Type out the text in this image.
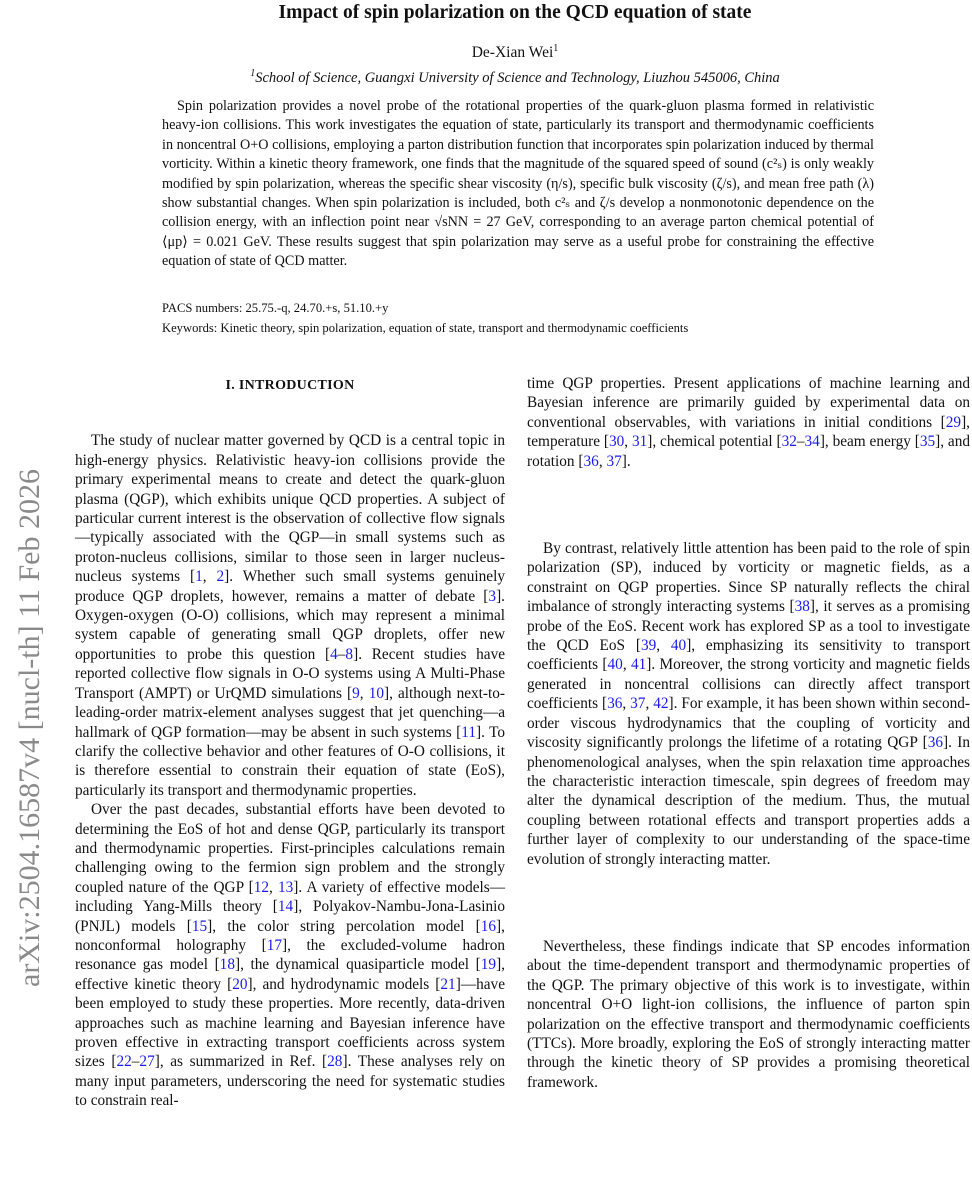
arXiv:2504.16587v4 [nucl-th] 11 Feb 2026
Impact of spin polarization on the QCD equation of state
De-Xian Wei$^1$
$^1$School of Science, Guangxi University of Science and Technology, Liuzhou 545006, China
Spin polarization provides a novel probe of the rotational properties of the quark-gluon plasma formed in relativistic heavy-ion collisions. This work investigates the equation of state, particularly its transport and thermodynamic coefficients in noncentral O+O collisions, employing a parton distribution function that incorporates spin polarization induced by thermal vorticity. Within a kinetic theory framework, one finds that the magnitude of the squared speed of sound (c²ₛ) is only weakly modified by spin polarization, whereas the specific shear viscosity (η/s), specific bulk viscosity (ζ/s), and mean free path (λ) show substantial changes. When spin polarization is included, both c²ₛ and ζ/s develop a nonmonotonic dependence on the collision energy, with an inflection point near √sNN = 27 GeV, corresponding to an average parton chemical potential of ⟨μp⟩ = 0.021 GeV. These results suggest that spin polarization may serve as a useful probe for constraining the effective equation of state of QCD matter.
PACS numbers: 25.75.-q, 24.70.+s, 51.10.+y
Keywords: Kinetic theory, spin polarization, equation of state, transport and thermodynamic coefficients
I. INTRODUCTION

The study of nuclear matter governed by QCD is a central topic in high-energy physics. Relativistic heavy-ion collisions provide the primary experimental means to create and detect the quark-gluon plasma (QGP), which exhibits unique QCD properties. A subject of particular current interest is the observation of collective flow signals—typically associated with the QGP—in small systems such as proton-nucleus collisions, similar to those seen in larger nucleus-nucleus systems [1, 2]. Whether such small systems genuinely produce QGP droplets, however, remains a matter of debate [3]. Oxygen-oxygen (O-O) collisions, which may represent a minimal system capable of generating small QGP droplets, offer new opportunities to probe this question [4–8]. Recent studies have reported collective flow signals in O-O systems using A Multi-Phase Transport (AMPT) or UrQMD simulations [9, 10], although next-to-leading-order matrix-element analyses suggest that jet quenching—a hallmark of QGP formation—may be absent in such systems [11]. To clarify the collective behavior and other features of O-O collisions, it is therefore essential to constrain their equation of state (EoS), particularly its transport and thermodynamic properties.

Over the past decades, substantial efforts have been devoted to determining the EoS of hot and dense QGP, particularly its transport and thermodynamic properties. First-principles calculations remain challenging owing to the fermion sign problem and the strongly coupled nature of the QGP [12, 13]. A variety of effective models—including Yang-Mills theory [14], Polyakov-Nambu-Jona-Lasinio (PNJL) models [15], the color string percolation model [16], nonconformal holography [17], the excluded-volume hadron resonance gas model [18], the dynamical quasiparticle model [19], effective kinetic theory [20], and hydrodynamic models [21]—have been employed to study these properties. More recently, data-driven approaches such as machine learning and Bayesian inference have proven effective in extracting transport coefficients across system sizes [22–27], as summarized in Ref. [28]. These analyses rely on many input parameters, underscoring the need for systematic studies to constrain real-

time QGP properties. Present applications of machine learning and Bayesian inference are primarily guided by experimental data on conventional observables, with variations in initial conditions [29], temperature [30, 31], chemical potential [32–34], beam energy [35], and rotation [36, 37].

By contrast, relatively little attention has been paid to the role of spin polarization (SP), induced by vorticity or magnetic fields, as a constraint on QGP properties. Since SP naturally reflects the chiral imbalance of strongly interacting systems [38], it serves as a promising probe of the EoS. Recent work has explored SP as a tool to investigate the QCD EoS [39, 40], emphasizing its sensitivity to transport coefficients [40, 41]. Moreover, the strong vorticity and magnetic fields generated in noncentral collisions can directly affect transport coefficients [36, 37, 42]. For example, it has been shown within second-order viscous hydrodynamics that the coupling of vorticity and viscosity significantly prolongs the lifetime of a rotating QGP [36]. In phenomenological analyses, when the spin relaxation time approaches the characteristic interaction timescale, spin degrees of freedom may alter the dynamical description of the medium. Thus, the mutual coupling between rotational effects and transport properties adds a further layer of complexity to our understanding of the space-time evolution of strongly interacting matter.

Nevertheless, these findings indicate that SP encodes information about the time-dependent transport and thermodynamic properties of the QGP. The primary objective of this work is to investigate, within noncentral O+O light-ion collisions, the influence of parton spin polarization on the effective transport and thermodynamic coefficients (TTCs). More broadly, exploring the EoS of strongly interacting matter through the kinetic theory of SP provides a promising theoretical framework.
